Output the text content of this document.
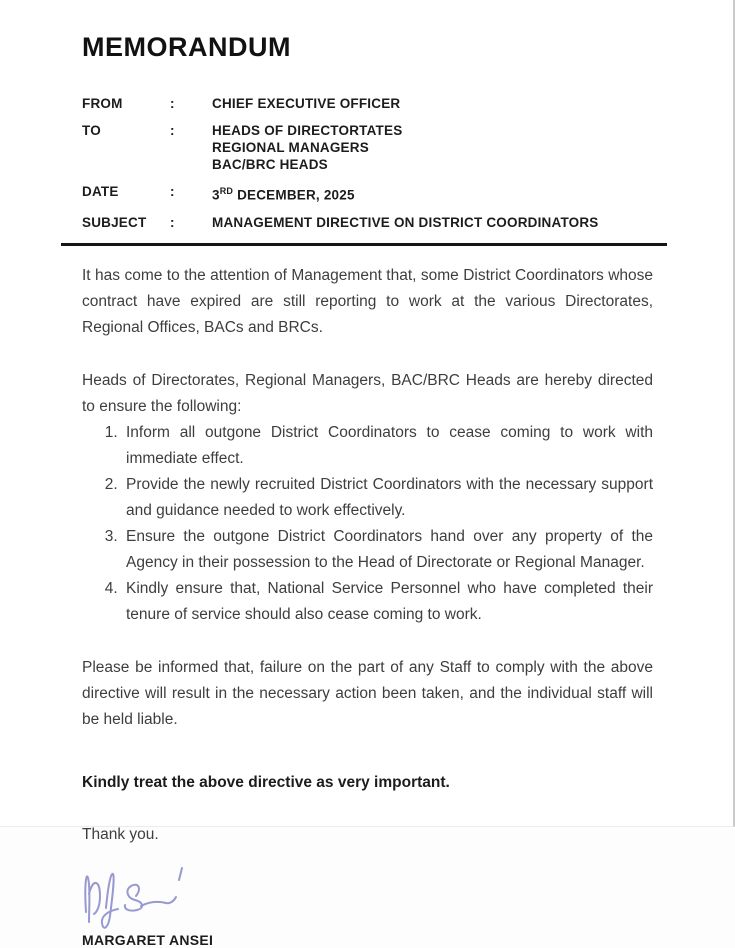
MEMORANDUM
FROM	:	CHIEF EXECUTIVE OFFICER
TO	:	HEADS OF DIRECTORTATES
REGIONAL MANAGERS
BAC/BRC HEADS
DATE	:	3RD DECEMBER, 2025
SUBJECT	:	MANAGEMENT DIRECTIVE ON DISTRICT COORDINATORS

It has come to the attention of Management that, some District Coordinators whose contract have expired are still reporting to work at the various Directorates, Regional Offices, BACs and BRCs.

Heads of Directorates, Regional Managers, BAC/BRC Heads are hereby directed to ensure the following:

1. Inform all outgone District Coordinators to cease coming to work with immediate effect.
2. Provide the newly recruited District Coordinators with the necessary support and guidance needed to work effectively.
3. Ensure the outgone District Coordinators hand over any property of the Agency in their possession to the Head of Directorate or Regional Manager.
4. Kindly ensure that, National Service Personnel who have completed their tenure of service should also cease coming to work.

Please be informed that, failure on the part of any Staff to comply with the above directive will result in the necessary action been taken, and the individual staff will be held liable.

Kindly treat the above directive as very important.

Thank you.

MARGARET ANSEI
